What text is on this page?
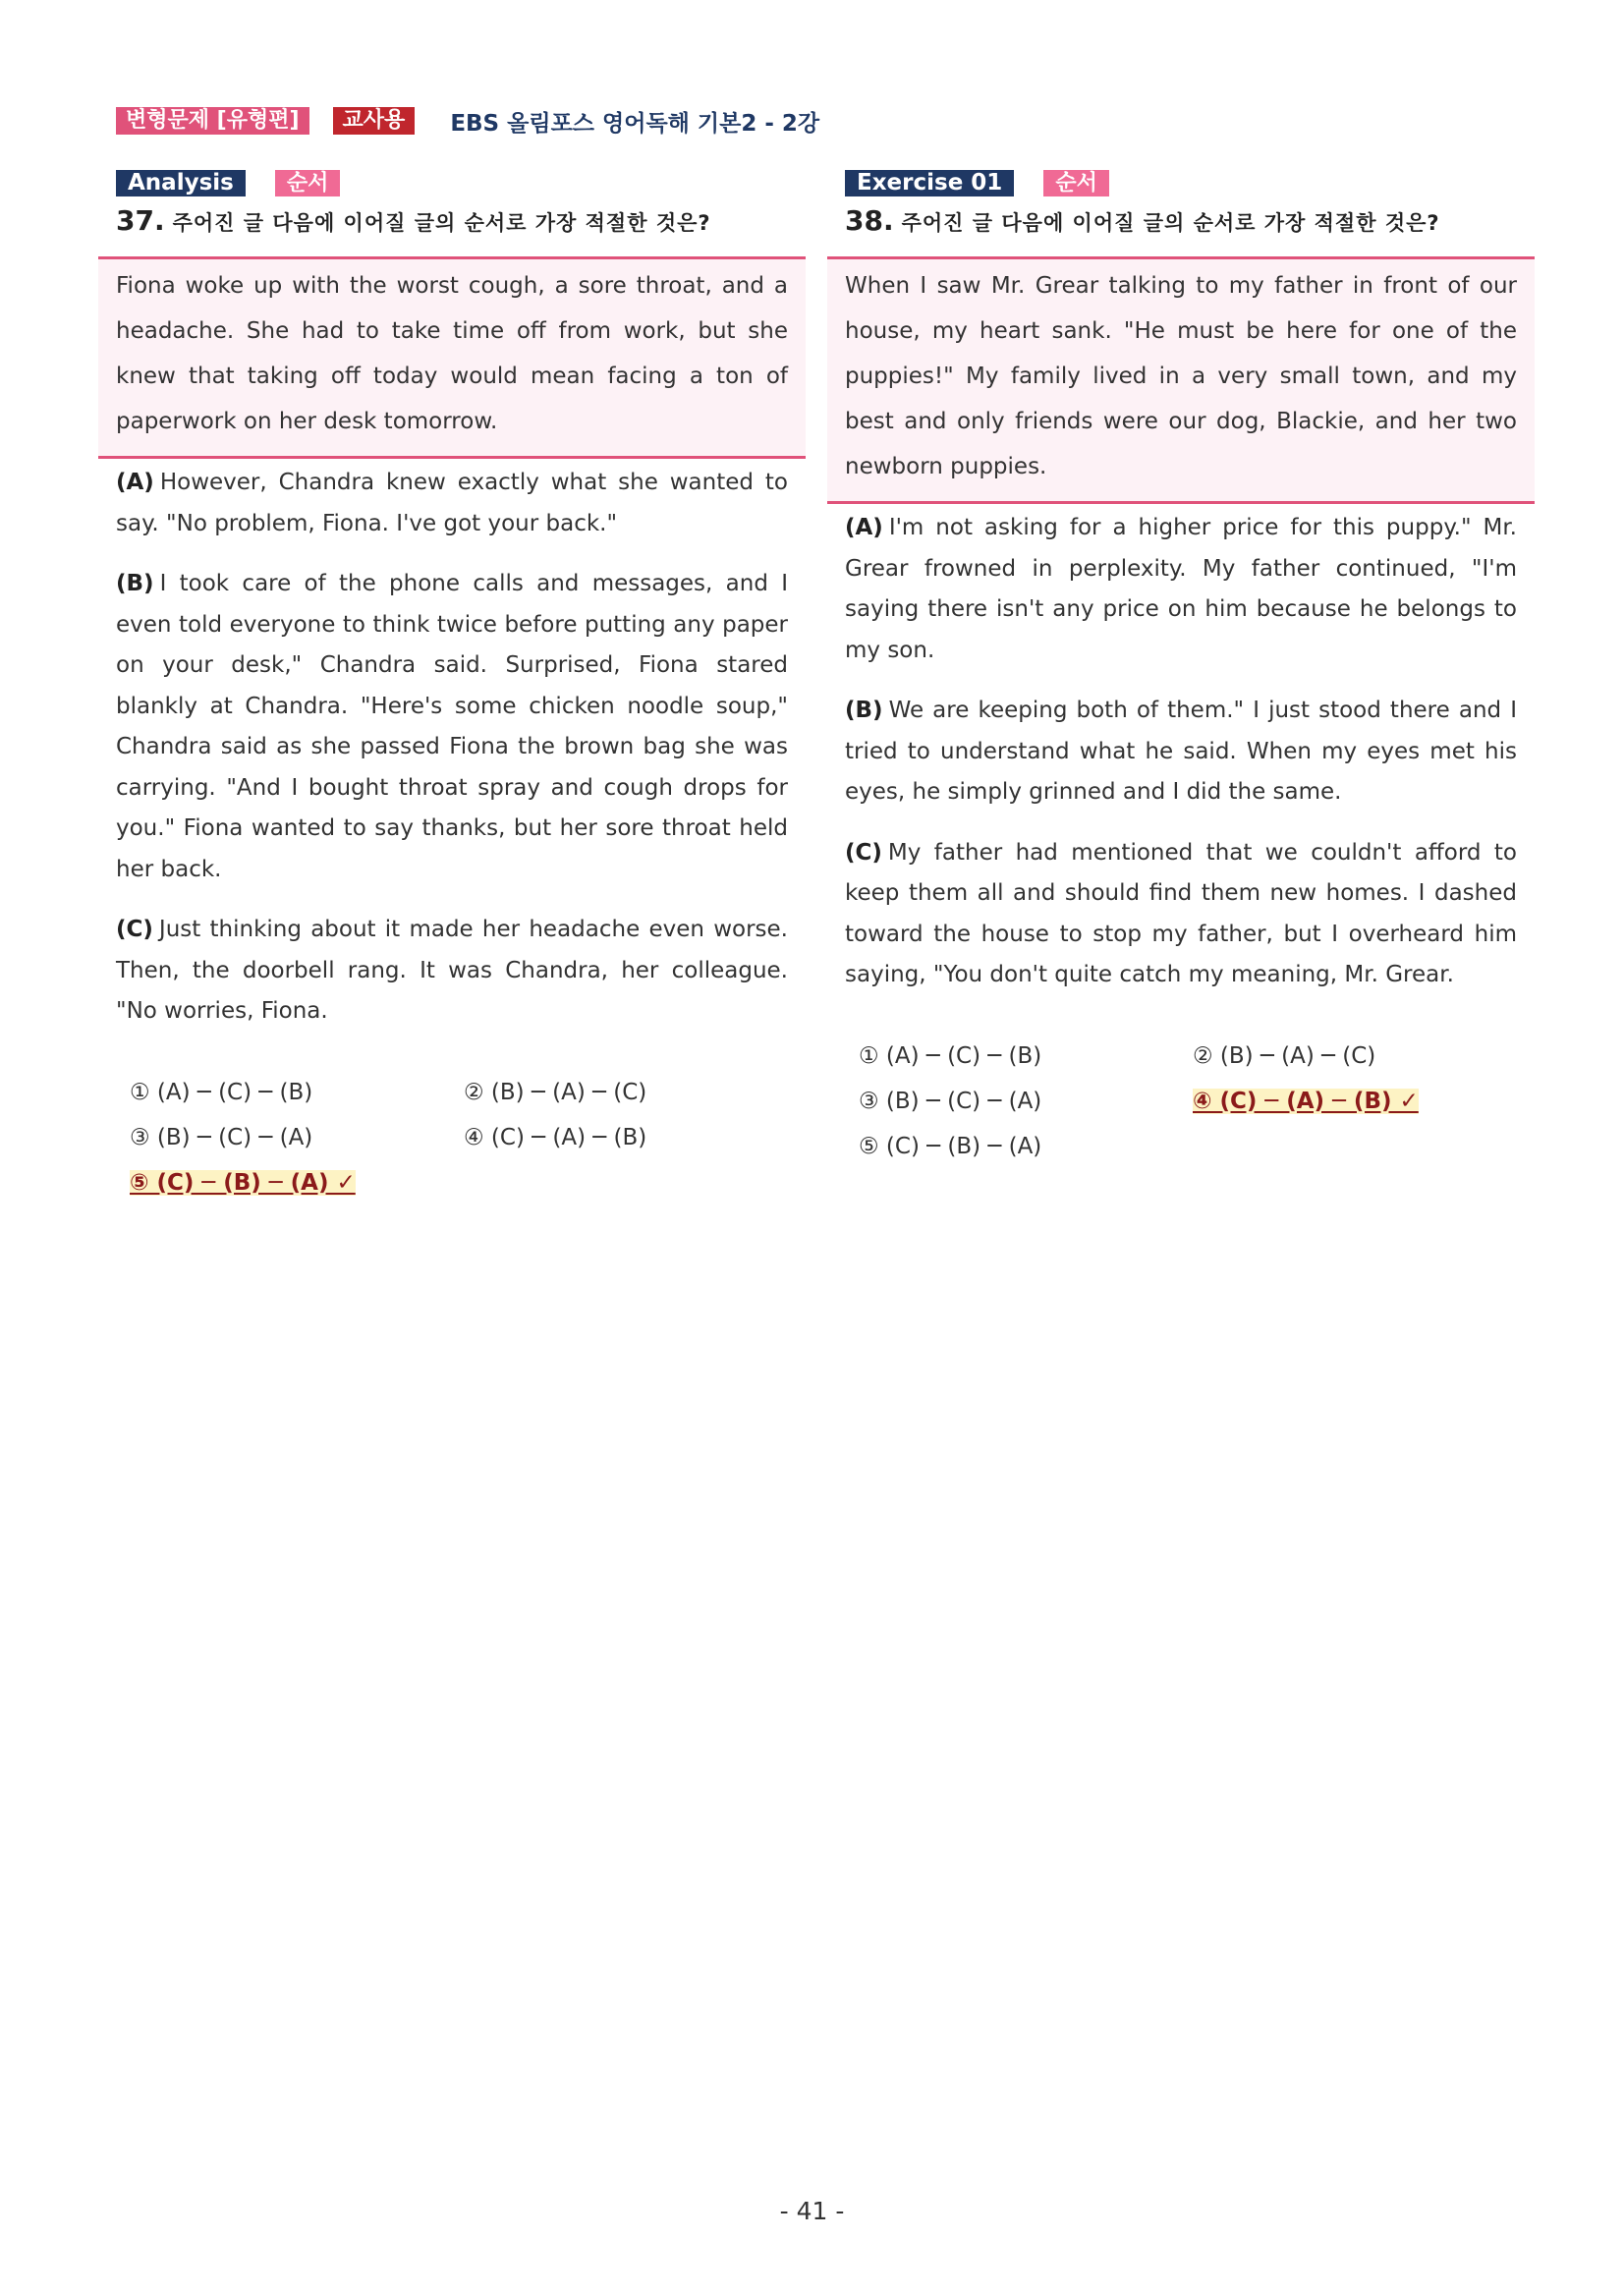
변형문제 [유형편]	교사용	EBS 올림포스 영어독해 기본2 - 2강
Analysis	순서
37. 주어진 글 다음에 이어질 글의 순서로 가장 적절한 것은?
Fiona woke up with the worst cough, a sore throat, and a headache. She had to take time off from work, but she knew that taking off today would mean facing a ton of paperwork on her desk tomorrow.
(A) However, Chandra knew exactly what she wanted to say. "No problem, Fiona. I've got your back."
(B) I took care of the phone calls and messages, and I even told everyone to think twice before putting any paper on your desk," Chandra said. Surprised, Fiona stared blankly at Chandra. "Here's some chicken noodle soup," Chandra said as she passed Fiona the brown bag she was carrying. "And I bought throat spray and cough drops for you." Fiona wanted to say thanks, but her sore throat held her back.
(C) Just thinking about it made her headache even worse. Then, the doorbell rang. It was Chandra, her colleague. "No worries, Fiona.
① (A) ─ (C) ─ (B)	② (B) ─ (A) ─ (C)
③ (B) ─ (C) ─ (A)	④ (C) ─ (A) ─ (B)
⑤ (C) ─ (B) ─ (A) ✓
Exercise 01	순서
38. 주어진 글 다음에 이어질 글의 순서로 가장 적절한 것은?
When I saw Mr. Grear talking to my father in front of our house, my heart sank. "He must be here for one of the puppies!" My family lived in a very small town, and my best and only friends were our dog, Blackie, and her two newborn puppies.
(A) I'm not asking for a higher price for this puppy." Mr. Grear frowned in perplexity. My father continued, "I'm saying there isn't any price on him because he belongs to my son.
(B) We are keeping both of them." I just stood there and I tried to understand what he said. When my eyes met his eyes, he simply grinned and I did the same.
(C) My father had mentioned that we couldn't afford to keep them all and should find them new homes. I dashed toward the house to stop my father, but I overheard him saying, "You don't quite catch my meaning, Mr. Grear.
① (A) ─ (C) ─ (B)	② (B) ─ (A) ─ (C)
③ (B) ─ (C) ─ (A)	④ (C) ─ (A) ─ (B) ✓
⑤ (C) ─ (B) ─ (A)
- 41 -
